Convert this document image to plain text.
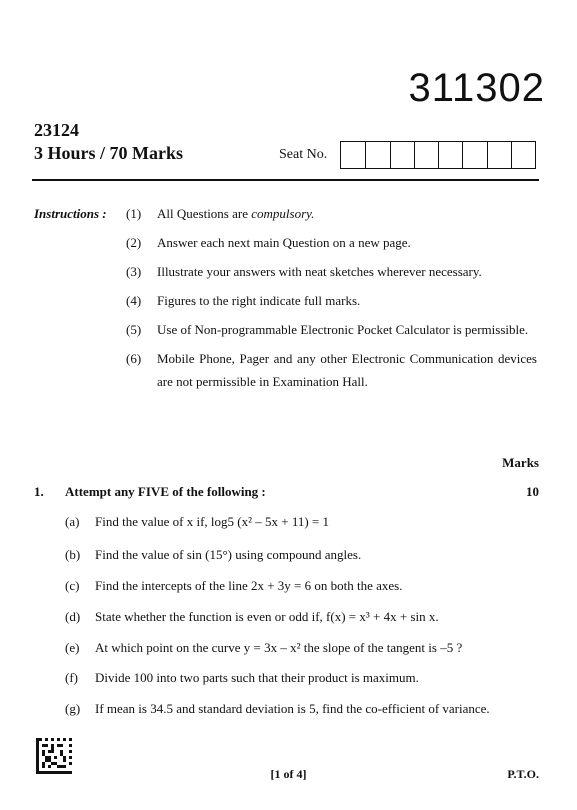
311302
23124
3 Hours / 70 Marks	Seat No.
Instructions : (1) All Questions are compulsory.
(2) Answer each next main Question on a new page.
(3) Illustrate your answers with neat sketches wherever necessary.
(4) Figures to the right indicate full marks.
(5) Use of Non-programmable Electronic Pocket Calculator is permissible.
(6) Mobile Phone, Pager and any other Electronic Communication devices are not permissible in Examination Hall.
Marks
1. Attempt any FIVE of the following :	10
(a) Find the value of x if, log5 (x² – 5x + 11) = 1
(b) Find the value of sin (15°) using compound angles.
(c) Find the intercepts of the line 2x + 3y = 6 on both the axes.
(d) State whether the function is even or odd if, f(x) = x³ + 4x + sin x.
(e) At which point on the curve y = 3x – x² the slope of the tangent is –5 ?
(f) Divide 100 into two parts such that their product is maximum.
(g) If mean is 34.5 and standard deviation is 5, find the co-efficient of variance.
[1 of 4]	P.T.O.
